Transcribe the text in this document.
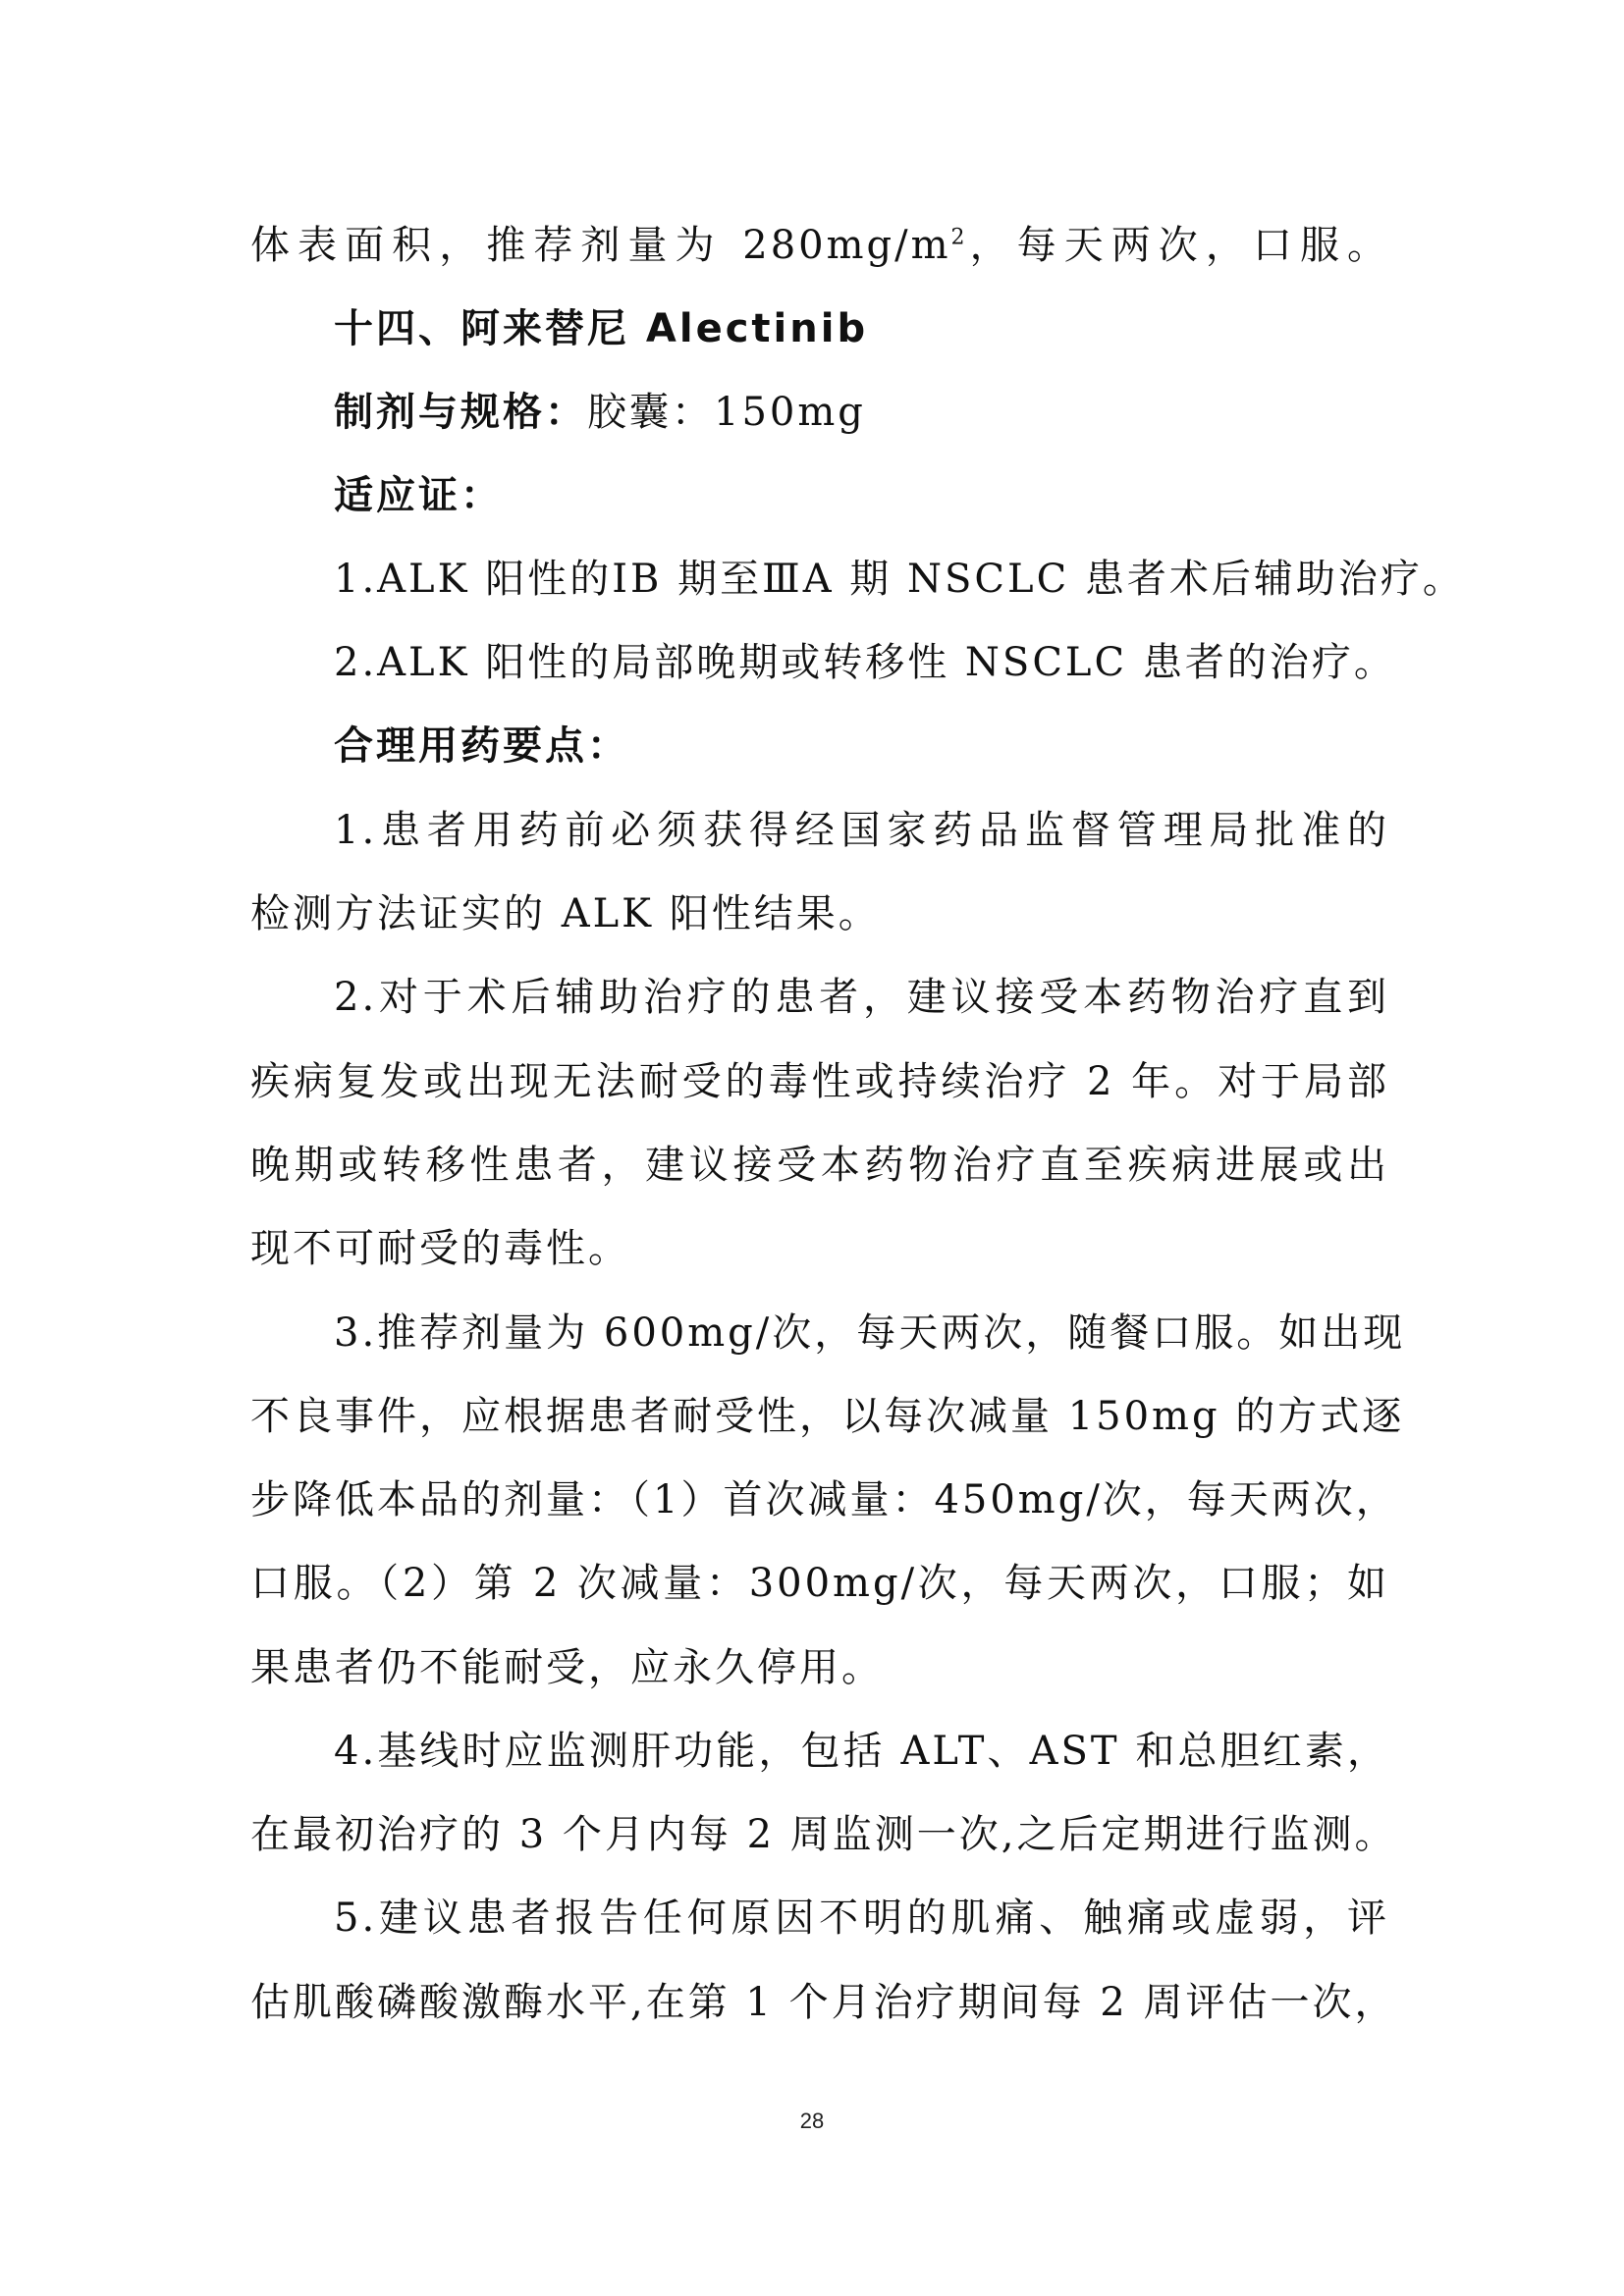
体表面积，推荐剂量为 $280mg/m^2$，每天两次，口服。
十四、阿来替尼 Alectinib
制剂与规格：胶囊：150mg
适应证：
1.ALK 阳性的ⅠB 期至ⅢA 期 NSCLC 患者术后辅助治疗。
2.ALK 阳性的局部晚期或转移性 NSCLC 患者的治疗。
合理用药要点：
1.患者用药前必须获得经国家药品监督管理局批准的
检测方法证实的 ALK 阳性结果。
2.对于术后辅助治疗的患者，建议接受本药物治疗直到
疾病复发或出现无法耐受的毒性或持续治疗 2 年。对于局部
晚期或转移性患者，建议接受本药物治疗直至疾病进展或出
现不可耐受的毒性。
3.推荐剂量为 600mg/次，每天两次，随餐口服。如出现
不良事件，应根据患者耐受性，以每次减量 150mg 的方式逐
步降低本品的剂量：（1）首次减量：450mg/次，每天两次，
口服。（2）第 2 次减量：300mg/次，每天两次，口服；如
果患者仍不能耐受，应永久停用。
4.基线时应监测肝功能，包括 ALT、AST 和总胆红素，
在最初治疗的 3 个月内每 2 周监测一次,之后定期进行监测。
5.建议患者报告任何原因不明的肌痛、触痛或虚弱，评
估肌酸磷酸激酶水平,在第 1 个月治疗期间每 2 周评估一次，
28
